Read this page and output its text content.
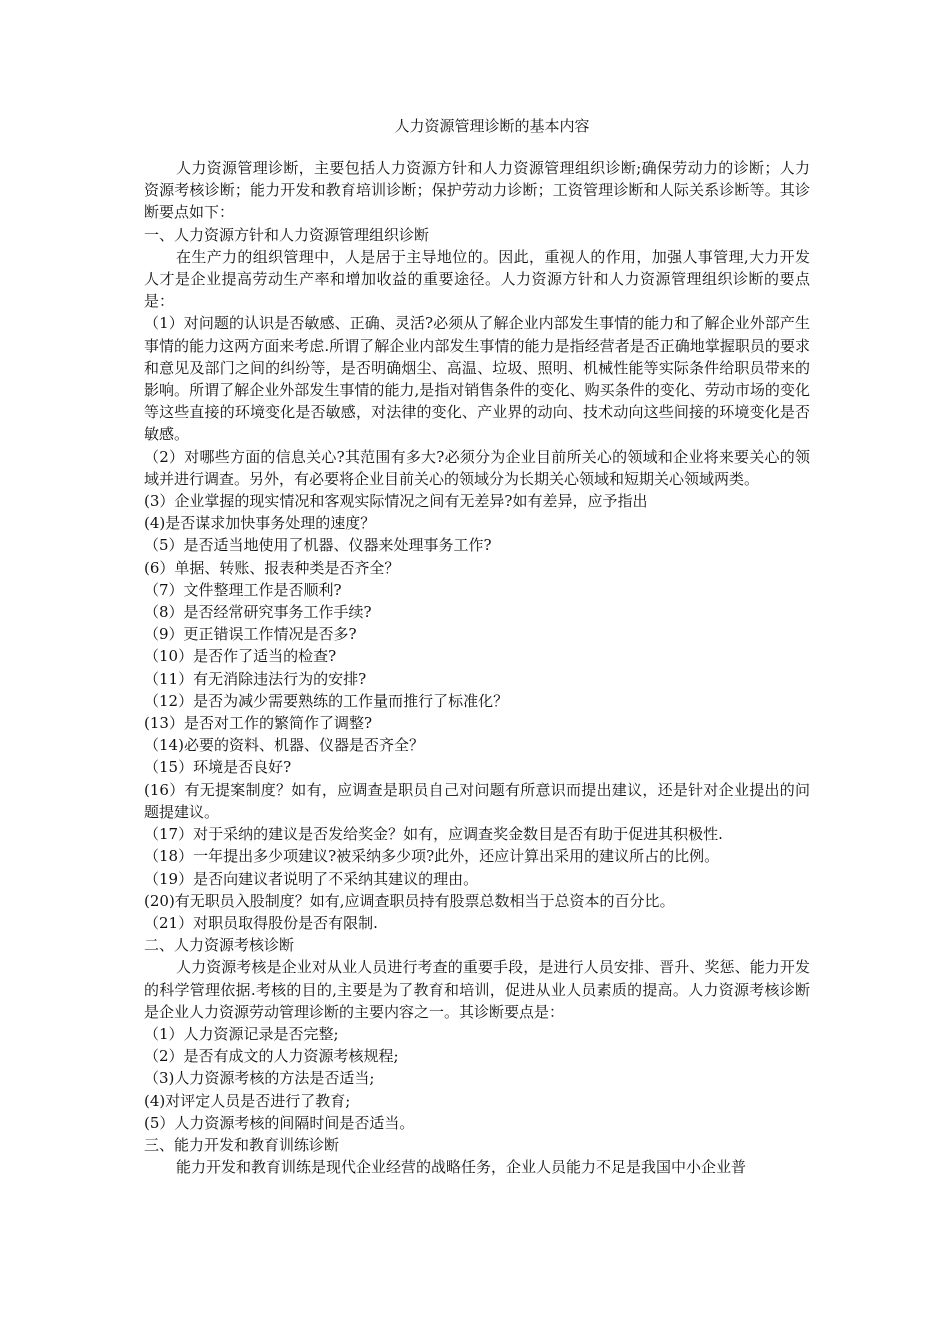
人力资源管理诊断的基本内容

人力资源管理诊断，主要包括人力资源方针和人力资源管理组织诊断;确保劳动力的诊断；人力资源考核诊断；能力开发和教育培训诊断；保护劳动力诊断；工资管理诊断和人际关系诊断等。其诊断要点如下：

一、人力资源方针和人力资源管理组织诊断

在生产力的组织管理中，人是居于主导地位的。因此，重视人的作用，加强人事管理,大力开发人才是企业提高劳动生产率和增加收益的重要途径。人力资源方针和人力资源管理组织诊断的要点是：

（1）对问题的认识是否敏感、正确、灵活?必须从了解企业内部发生事情的能力和了解企业外部产生事情的能力这两方面来考虑.所谓了解企业内部发生事情的能力是指经营者是否正确地掌握职员的要求和意见及部门之间的纠纷等，是否明确烟尘、高温、垃圾、照明、机械性能等实际条件给职员带来的影响。所谓了解企业外部发生事情的能力,是指对销售条件的变化、购买条件的变化、劳动市场的变化等这些直接的环境变化是否敏感，对法律的变化、产业界的动向、技术动向这些间接的环境变化是否敏感。

（2）对哪些方面的信息关心?其范围有多大?必须分为企业目前所关心的领域和企业将来要关心的领域并进行调查。另外，有必要将企业目前关心的领域分为长期关心领域和短期关心领域两类。

(3）企业掌握的现实情况和客观实际情况之间有无差异?如有差异，应予指出

(4)是否谋求加快事务处理的速度？

（5）是否适当地使用了机器、仪器来处理事务工作?

(6）单据、转账、报表种类是否齐全？

（7）文件整理工作是否顺利?

（8）是否经常研究事务工作手续?

（9）更正错误工作情况是否多?

（10）是否作了适当的检查?

（11）有无消除违法行为的安排?

（12）是否为减少需要熟练的工作量而推行了标准化？

(13）是否对工作的繁简作了调整?

（14)必要的资料、机器、仪器是否齐全？

（15）环境是否良好?

(16）有无提案制度？如有，应调查是职员自己对问题有所意识而提出建议，还是针对企业提出的问题提建议。

（17）对于采纳的建议是否发给奖金？如有，应调查奖金数目是否有助于促进其积极性.

（18）一年提出多少项建议?被采纳多少项?此外，还应计算出采用的建议所占的比例。

（19）是否向建议者说明了不采纳其建议的理由。

(20)有无职员入股制度？如有,应调查职员持有股票总数相当于总资本的百分比。

（21）对职员取得股份是否有限制.

二、人力资源考核诊断

人力资源考核是企业对从业人员进行考查的重要手段，是进行人员安排、晋升、奖惩、能力开发的科学管理依据.考核的目的,主要是为了教育和培训，促进从业人员素质的提高。人力资源考核诊断是企业人力资源劳动管理诊断的主要内容之一。其诊断要点是：

（1）人力资源记录是否完整;

（2）是否有成文的人力资源考核规程;

（3)人力资源考核的方法是否适当;

(4)对评定人员是否进行了教育;

(5）人力资源考核的间隔时间是否适当。

三、能力开发和教育训练诊断

能力开发和教育训练是现代企业经营的战略任务，企业人员能力不足是我国中小企业普
